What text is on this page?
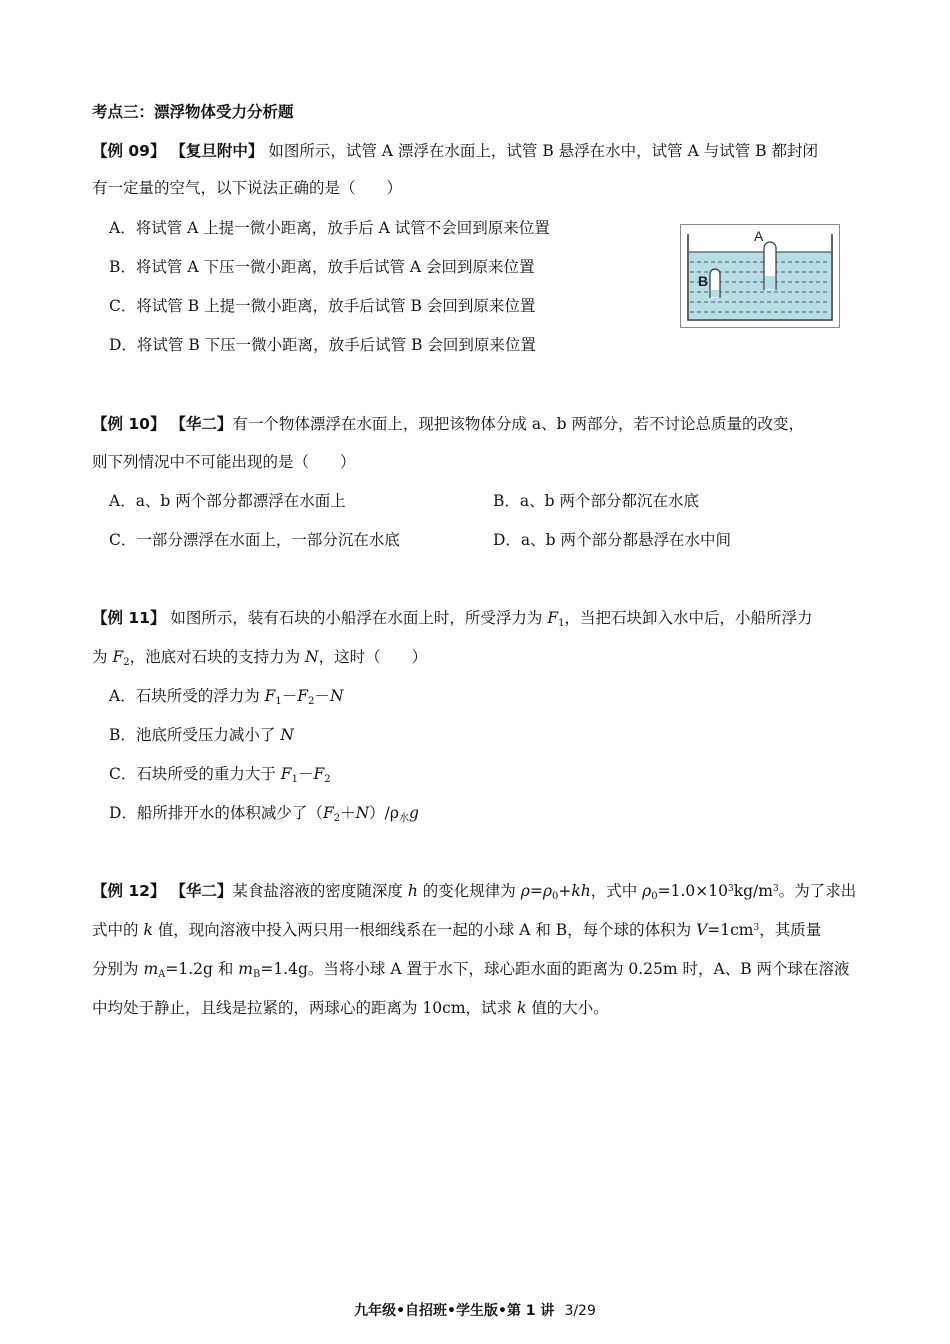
考点三：漂浮物体受力分析题
【例 09】 【复旦附中】 如图所示，试管 A 漂浮在水面上，试管 B 悬浮在水中，试管 A 与试管 B 都封闭
有一定量的空气，以下说法正确的是（　　）
A．将试管 A 上提一微小距离，放手后 A 试管不会回到原来位置
B．将试管 A 下压一微小距离，放手后试管 A 会回到原来位置
C．将试管 B 上提一微小距离，放手后试管 B 会回到原来位置
D．将试管 B 下压一微小距离，放手后试管 B 会回到原来位置
A
B
【例 10】 【华二】有一个物体漂浮在水面上，现把该物体分成 a、b 两部分，若不讨论总质量的改变，
则下列情况中不可能出现的是（　　）
A．a、b 两个部分都漂浮在水面上	B．a、b 两个部分都沉在水底
C．一部分漂浮在水面上，一部分沉在水底	D．a、b 两个部分都悬浮在水中间
【例 11】 如图所示，装有石块的小船浮在水面上时，所受浮力为 $F_1$，当把石块卸入水中后，小船所浮力
为 $F_2$，池底对石块的支持力为 N，这时（　　）
A．石块所受的浮力为 $F_1-F_2-N$
B．池底所受压力减小了 N
C．石块所受的重力大于 $F_1-F_2$
D．船所排开水的体积减少了$(F_2+N)/\rho_水g$
【例 12】 【华二】某食盐溶液的密度随深度 h 的变化规律为 $\rho=\rho_0+kh$，式中 $\rho_0=1.0\times 10^3kg/m^3$。为了求出
式中的 k 值，现向溶液中投入两只用一根细线系在一起的小球 A 和 B，每个球的体积为 $V=1cm^3$，其质量
分别为 $m_A=1.2g$ 和 $m_B=1.4g$。当将小球 A 置于水下，球心距水面的距离为 0.25m 时，A、B 两个球在溶液
中均处于静止，且线是拉紧的，两球心的距离为 10cm，试求 k 值的大小。
九年级•自招班•学生版•第 1 讲 3/29
